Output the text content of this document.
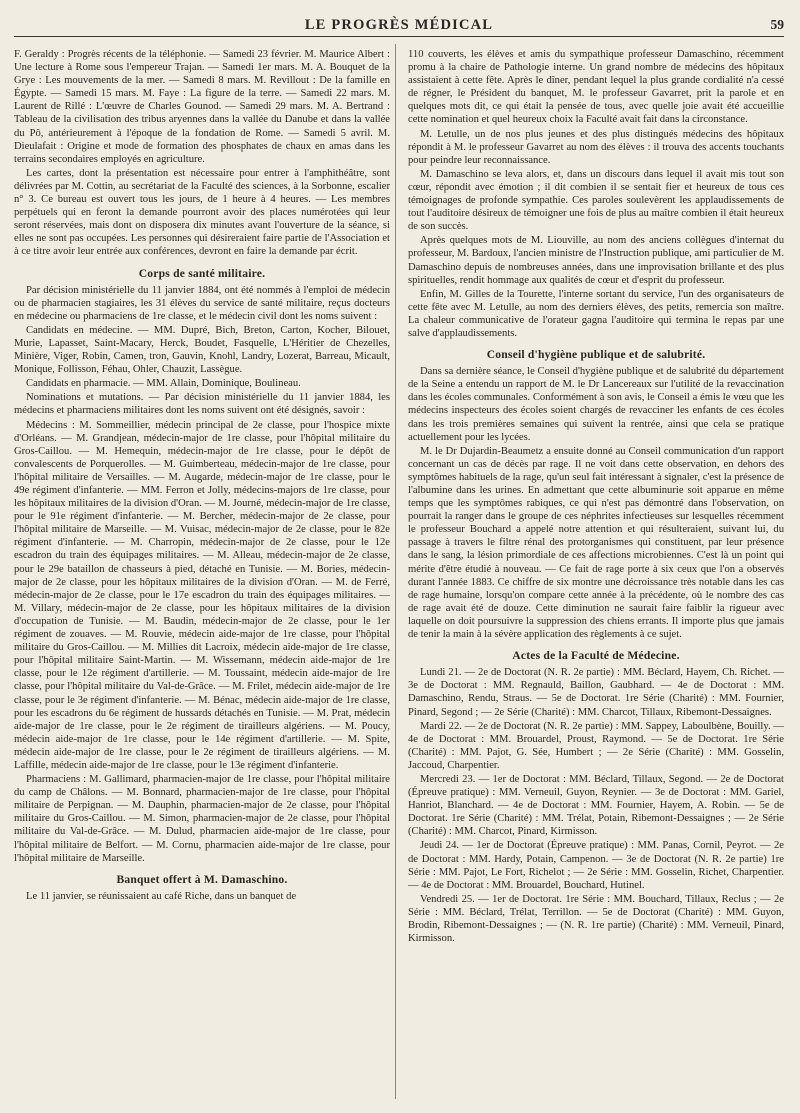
LE PROGRÈS MÉDICAL	59

F. Geraldy : Progrès récents de la téléphonie. — Samedi 23 février. M. Maurice Albert : Une lecture à Rome sous l'empereur Trajan. — Samedi 1er mars. M. A. Bouquet de la Grye : Les mouvements de la mer. — Samedi 8 mars. M. Revillout : De la famille en Égypte. — Samedi 15 mars. M. Faye : La figure de la terre. — Samedi 22 mars. M. Laurent de Rillé : L'œuvre de Charles Gounod. — Samedi 29 mars. M. A. Bertrand : Tableau de la civilisation des tribus aryennes dans la vallée du Danube et dans la vallée du Pô, antérieurement à l'époque de la fondation de Rome. — Samedi 5 avril. M. Dieulafait : Origine et mode de formation des phosphates de chaux en amas dans les terrains secondaires employés en agriculture.

Les cartes, dont la présentation est nécessaire pour entrer à l'amphithéâtre, sont délivrées par M. Cottin, au secrétariat de la Faculté des sciences, à la Sorbonne, escalier n° 3. Ce bureau est ouvert tous les jours, de 1 heure à 4 heures. — Les membres perpétuels qui en feront la demande pourront avoir des places numérotées qui leur seront réservées, mais dont on disposera dix minutes avant l'ouverture de la séance, si elles ne sont pas occupées. Les personnes qui désireraient faire partie de l'Association et à ce titre avoir leur entrée aux conférences, devront en faire la demande par écrit.

Corps de santé militaire.

Par décision ministérielle du 11 janvier 1884, ont été nommés à l'emploi de médecin ou de pharmacien stagiaires, les 31 élèves du service de santé militaire, reçus docteurs en médecine ou pharmaciens de 1re classe, et le médecin civil dont les noms suivent :

Candidats en médecine. — MM. Dupré, Bich, Breton, Carton, Kocher, Bilouet, Murie, Lapasset, Saint-Macary, Herck, Boudet, Fasquelle, L'Héritier de Chezelles, Minière, Viger, Robin, Camen, tron, Gauvin, Knohl, Landry, Lozerat, Barreau, Micault, Monique, Follisson, Féhau, Ohler, Chauzit, Lassègue.

Candidats en pharmacie. — MM. Allain, Dominique, Boulineau.

Nominations et mutations. — Par décision ministérielle du 11 janvier 1884, les médecins et pharmaciens militaires dont les noms suivent ont été désignés, savoir :

Médecins : M. Sommeillier, médecin principal de 2e classe, pour l'hospice mixte d'Orléans. — M. Grandjean, médecin-major de 1re classe, pour l'hôpital militaire du Gros-Caillou. — M. Hemequin, médecin-major de 1re classe, pour le dépôt de convalescents de Porquerolles. — M. Guimberteau, médecin-major de 1re classe, pour l'hôpital militaire de Versailles. — M. Augarde, médecin-major de 1re classe, pour le 49e régiment d'infanterie. — MM. Ferron et Jolly, médecins-majors de 1re classe, pour les hôpitaux militaires de la division d'Oran. — M. Journé, médecin-major de 1re classe, pour le 91e régiment d'infanterie. — M. Bercher, médecin-major de 2e classe, pour l'hôpital militaire de Marseille. — M. Vuisac, médecin-major de 2e classe, pour le 82e régiment d'infanterie. — M. Charropin, médecin-major de 2e classe, pour le 12e escadron du train des équipages militaires. — M. Alleau, médecin-major de 2e classe, pour le 29e bataillon de chasseurs à pied, détaché en Tunisie. — M. Bories, médecin-major de 2e classe, pour les hôpitaux militaires de la division d'Oran. — M. de Ferré, médecin-major de 2e classe, pour le 17e escadron du train des équipages militaires. — M. Villary, médecin-major de 2e classe, pour les hôpitaux militaires de la division d'occupation de Tunisie. — M. Baudin, médecin-major de 2e classe, pour le 1er régiment de zouaves. — M. Rouvie, médecin aide-major de 1re classe, pour l'hôpital militaire du Gros-Caillou. — M. Millies dit Lacroix, médecin aide-major de 1re classe, pour l'hôpital militaire Saint-Martin. — M. Wissemann, médecin aide-major de 1re classe, pour le 12e régiment d'artillerie. — M. Toussaint, médecin aide-major de 1re classe, pour l'hôpital militaire du Val-de-Grâce. — M. Frilet, médecin aide-major de 1re classe, pour le 3e régiment d'infanterie. — M. Bénac, médecin aide-major de 1re classe, pour les escadrons du 6e régiment de hussards détachés en Tunisie. — M. Prat, médecin aide-major de 1re classe, pour le 2e régiment de tirailleurs algériens. — M. Poucy, médecin aide-major de 1re classe, pour le 14e régiment d'artillerie. — M. Spite, médecin aide-major de 1re classe, pour le 2e régiment de tirailleurs algériens. — M. Laffille, médecin aide-major de 1re classe, pour le 13e régiment d'infanterie.

Pharmaciens : M. Gallimard, pharmacien-major de 1re classe, pour l'hôpital militaire du camp de Châlons. — M. Bonnard, pharmacien-major de 1re classe, pour l'hôpital militaire de Perpignan. — M. Dauphin, pharmacien-major de 2e classe, pour l'hôpital militaire du Gros-Caillou. — M. Simon, pharmacien-major de 2e classe, pour l'hôpital militaire du Val-de-Grâce. — M. Dulud, pharmacien aide-major de 1re classe, pour l'hôpital militaire de Belfort. — M. Cornu, pharmacien aide-major de 1re classe, pour l'hôpital militaire de Marseille.

Banquet offert à M. Damaschino.

Le 11 janvier, se réunissaient au café Riche, dans un banquet de

110 couverts, les élèves et amis du sympathique professeur Damaschino, récemment promu à la chaire de Pathologie interne. Un grand nombre de médecins des hôpitaux assistaient à cette fête. Après le dîner, pendant lequel la plus grande cordialité n'a cessé de régner, le Président du banquet, M. le professeur Gavarret, prit la parole et en quelques mots dit, ce qui était la pensée de tous, avec quelle joie avait été accueillie cette nomination et quel heureux choix la Faculté avait fait dans la circonstance.

M. Letulle, un de nos plus jeunes et des plus distingués médecins des hôpitaux répondit à M. le professeur Gavarret au nom des élèves : il trouva des accents touchants pour peindre leur reconnaissance.

M. Damaschino se leva alors, et, dans un discours dans lequel il avait mis tout son cœur, répondit avec émotion ; il dit combien il se sentait fier et heureux de tous ces témoignages de profonde sympathie. Ces paroles soulevèrent les applaudissements de tout l'auditoire désireux de témoigner une fois de plus au maître combien il était heureux de son succès.

Après quelques mots de M. Liouville, au nom des anciens collègues d'internat du professeur, M. Bardoux, l'ancien ministre de l'Instruction publique, ami particulier de M. Damaschino depuis de nombreuses années, dans une improvisation brillante et des plus spirituelles, rendit hommage aux qualités de cœur et d'esprit du professeur.

Enfin, M. Gilles de la Tourette, l'interne sortant du service, l'un des organisateurs de cette fête avec M. Letulle, au nom des derniers élèves, des petits, remercia son maître. La chaleur communicative de l'orateur gagna l'auditoire qui termina le repas par une salve d'applaudissements.

Conseil d'hygiène publique et de salubrité.

Dans sa dernière séance, le Conseil d'hygiène publique et de salubrité du département de la Seine a entendu un rapport de M. le Dr Lancereaux sur l'utilité de la revaccination dans les écoles communales. Conformément à son avis, le Conseil a émis le vœu que les médecins inspecteurs des écoles soient chargés de revacciner les enfants de ces écoles dans les trois premières semaines qui suivent la rentrée, ainsi que cela se pratique actuellement pour les lycées.

M. le Dr Dujardin-Beaumetz a ensuite donné au Conseil communication d'un rapport concernant un cas de décès par rage. Il ne voit dans cette observation, en dehors des symptômes habituels de la rage, qu'un seul fait intéressant à signaler, c'est la présence de l'albumine dans les urines. En admettant que cette albuminurie soit apparue en même temps que les symptômes rabiques, ce qui n'est pas démontré dans l'observation, on pourrait la ranger dans le groupe de ces néphrites infectieuses sur lesquelles récemment le professeur Bouchard a appelé notre attention et qui résulteraient, suivant lui, du passage à travers le filtre rénal des protorganismes qui constituent, par leur présence dans le sang, la lésion primordiale de ces affections microbiennes. C'est là un point qui mérite d'être étudié à nouveau. — Ce fait de rage porte à six ceux que l'on a observés durant l'année 1883. Ce chiffre de six montre une décroissance très notable dans les cas de rage humaine, lorsqu'on compare cette année à la précédente, où le nombre des cas de rage avait été de douze. Cette diminution ne saurait faire faiblir la rigueur avec laquelle on doit poursuivre la suppression des chiens errants. Il importe plus que jamais de tenir la main à la sévère application des règlements à ce sujet.

Actes de la Faculté de Médecine.

Lundi 21. — 2e de Doctorat (N. R. 2e partie) : MM. Béclard, Hayem, Ch. Richet. — 3e de Doctorat : MM. Regnauld, Baillon, Gaubhard. — 4e de Doctorat : MM. Damaschino, Rendu, Straus. — 5e de Doctorat. 1re Série (Charité) : MM. Fournier, Pinard, Segond ; — 2e Série (Charité) : MM. Charcot, Tillaux, Ribemont-Dessaignes.

Mardi 22. — 2e de Doctorat (N. R. 2e partie) : MM. Sappey, Laboulbène, Bouilly. — 4e de Doctorat : MM. Brouardel, Proust, Raymond. — 5e de Doctorat. 1re Série (Charité) : MM. Pajot, G. Sée, Humbert ; — 2e Série (Charité) : MM. Gosselin, Jaccoud, Charpentier.

Mercredi 23. — 1er de Doctorat : MM. Béclard, Tillaux, Segond. — 2e de Doctorat (Épreuve pratique) : MM. Verneuil, Guyon, Reynier. — 3e de Doctorat : MM. Gariel, Hanriot, Blanchard. — 4e de Doctorat : MM. Fournier, Hayem, A. Robin. — 5e de Doctorat. 1re Série (Charité) : MM. Trélat, Potain, Ribemont-Dessaignes ; — 2e Série (Charité) : MM. Charcot, Pinard, Kirmisson.

Jeudi 24. — 1er de Doctorat (Épreuve pratique) : MM. Panas, Cornil, Peyrot. — 2e de Doctorat : MM. Hardy, Potain, Campenon. — 3e de Doctorat (N. R. 2e partie) 1re Série : MM. Pajot, Le Fort, Richelot ; — 2e Série : MM. Gosselin, Richet, Charpentier. — 4e de Doctorat : MM. Brouardel, Bouchard, Hutinel.

Vendredi 25. — 1er de Doctorat. 1re Série : MM. Bouchard, Tillaux, Reclus ; — 2e Série : MM. Béclard, Trélat, Terrillon. — 5e de Doctorat (Charité) : MM. Guyon, Brodin, Ribemont-Dessaignes ; — (N. R. 1re partie) (Charité) : MM. Verneuil, Pinard, Kirmisson.
